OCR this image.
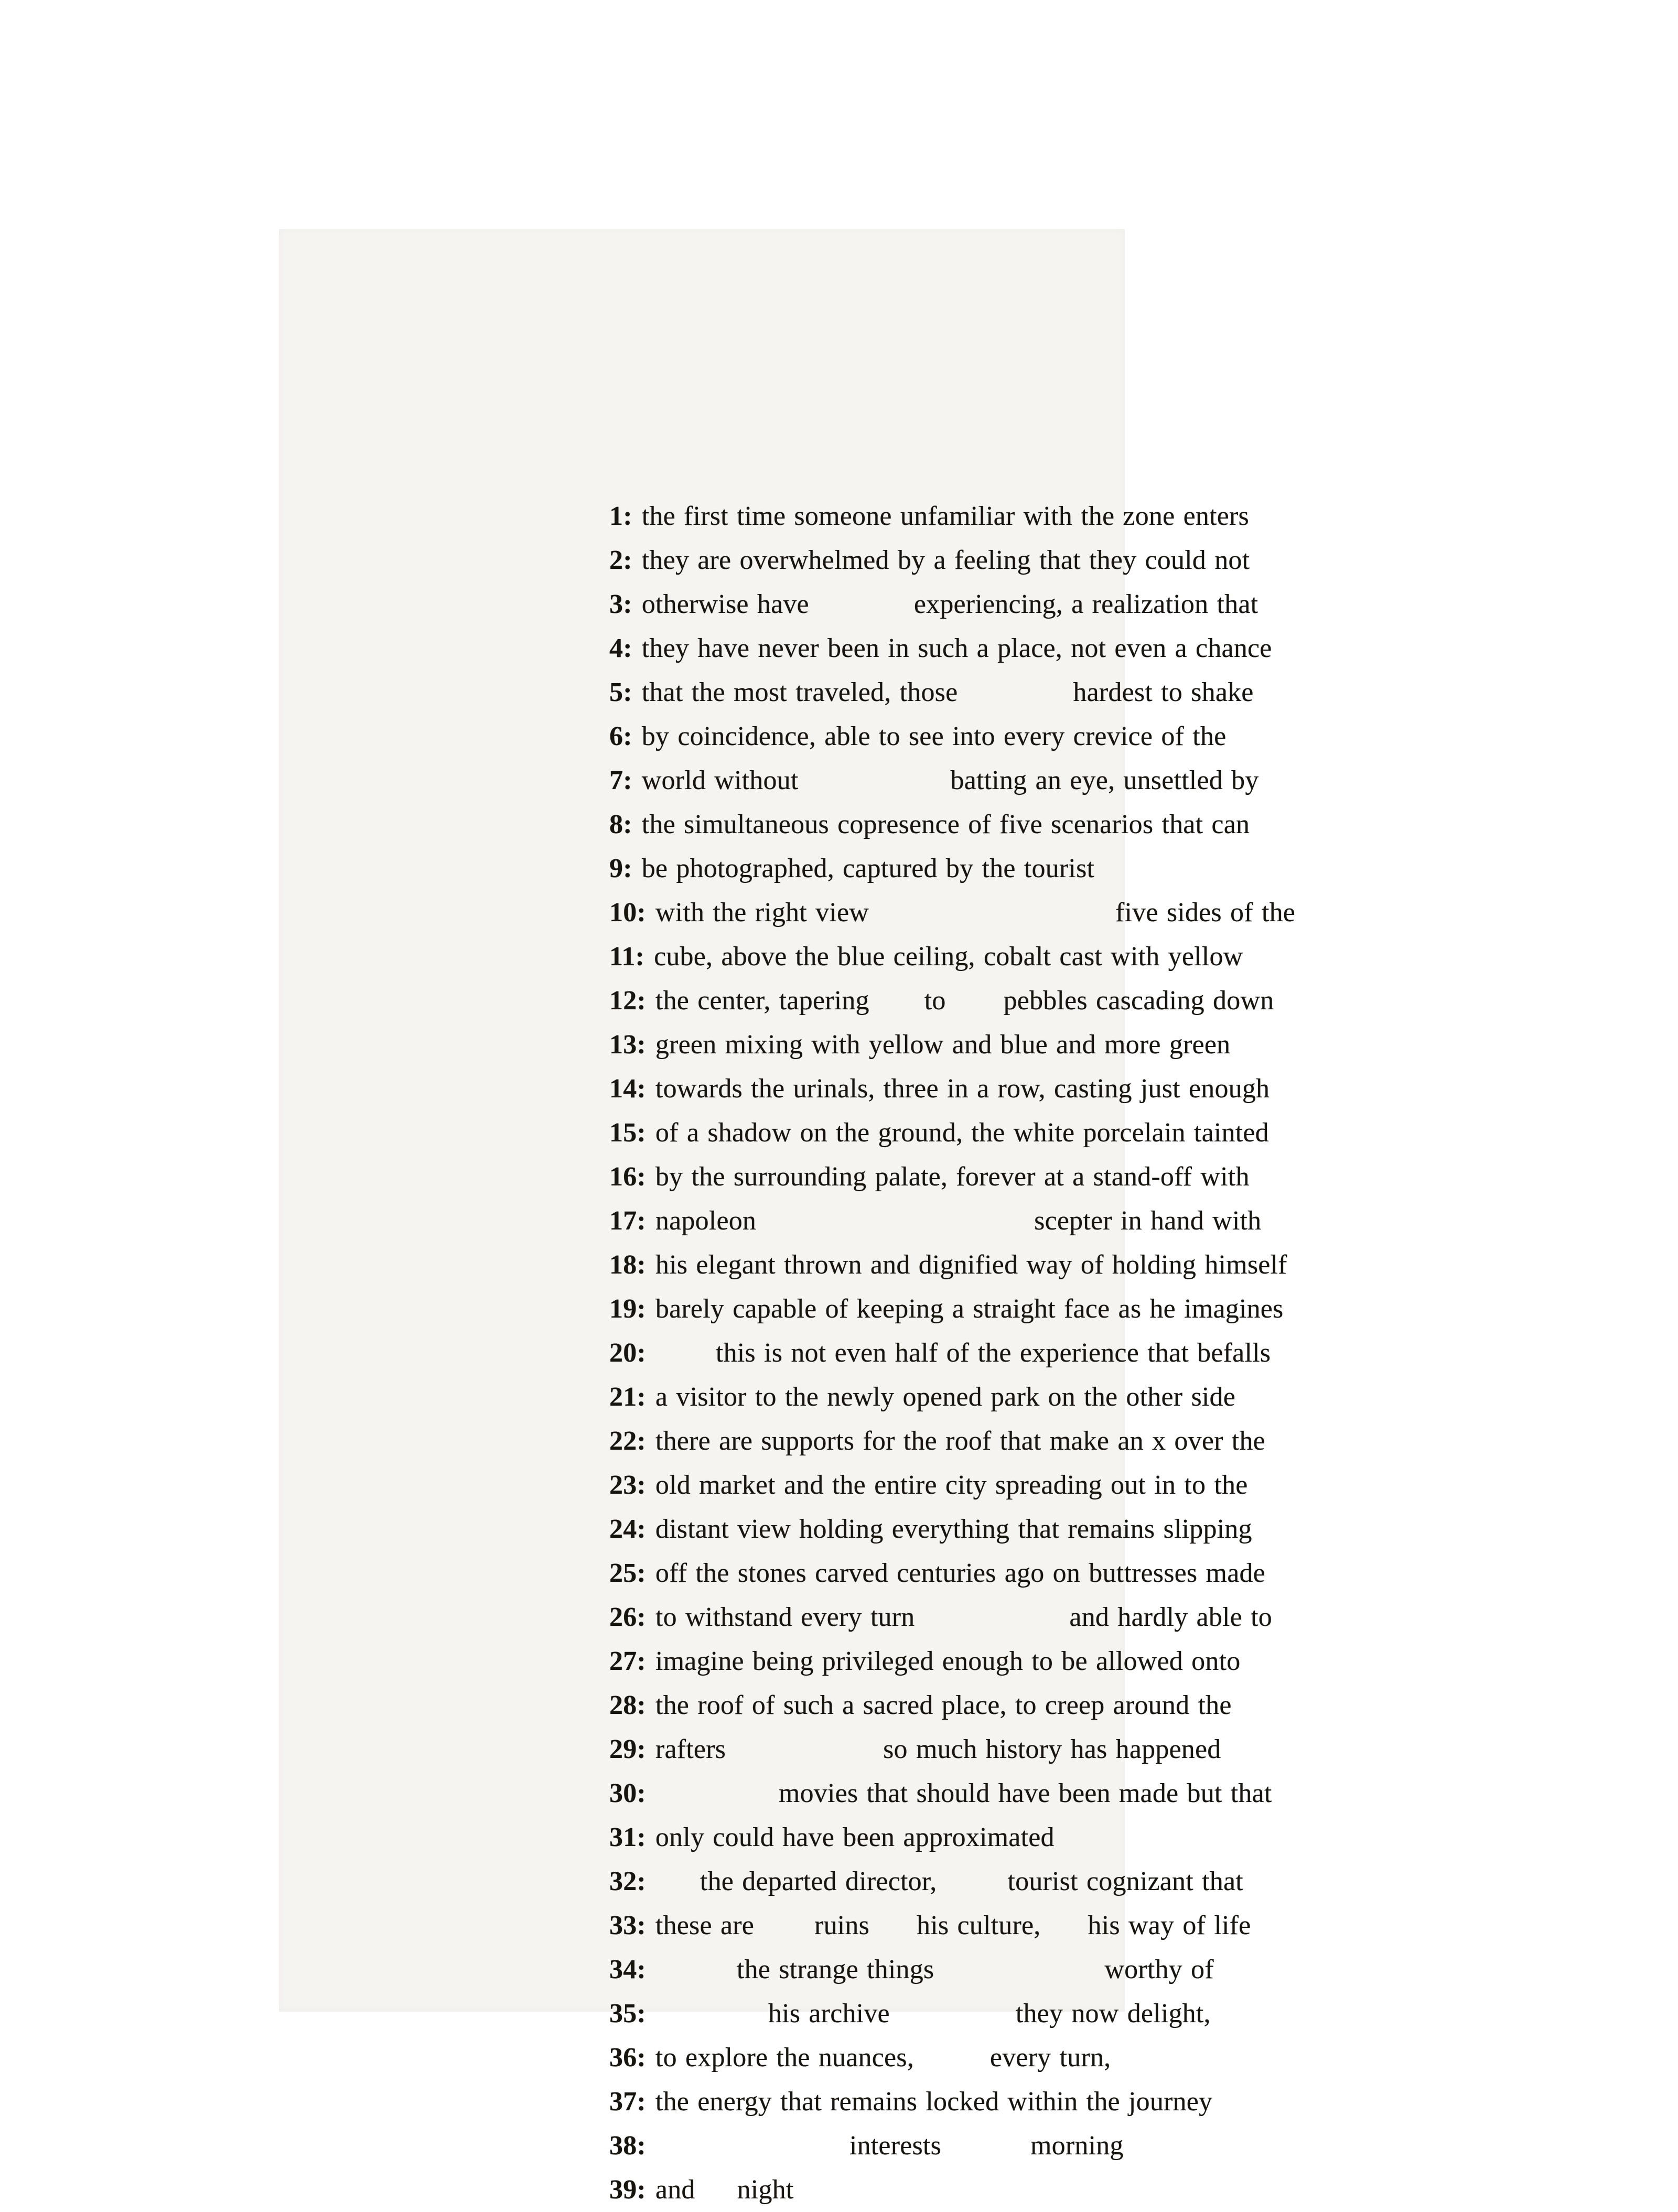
1: the first time someone unfamiliar with the zone enters
2: they are overwhelmed by a feeling that they could not
3: otherwise have	experiencing, a realization that
4: they have never been in such a place, not even a chance
5: that the most traveled, those	hardest to shake
6: by coincidence, able to see into every crevice of the
7: world without	batting an eye, unsettled by
8: the simultaneous copresence of five scenarios that can
9: be photographed, captured by the tourist
10: with the right view	five sides of the
11: cube, above the blue ceiling, cobalt cast with yellow
12: the center, tapering to pebbles cascading down
13: green mixing with yellow and blue and more green
14: towards the urinals, three in a row, casting just enough
15: of a shadow on the ground, the white porcelain tainted
16: by the surrounding palate, forever at a stand-off with
17: napoleon	scepter in hand with
18: his elegant thrown and dignified way of holding himself
19: barely capable of keeping a straight face as he imagines
20:	this is not even half of the experience that befalls
21: a visitor to the newly opened park on the other side
22: there are supports for the roof that make an x over the
23: old market and the entire city spreading out in to the
24: distant view holding everything that remains slipping
25: off the stones carved centuries ago on buttresses made
26: to withstand every turn	and hardly able to
27: imagine being privileged enough to be allowed onto
28: the roof of such a sacred place, to creep around the
29: rafters	so much history has happened
30:	movies that should have been made but that
31: only could have been approximated
32: the departed director,	tourist cognizant that
33: these are ruins his culture, his way of life
34:	the strange things	worthy of
35:	his archive	they now delight,
36: to explore the nuances,	every turn,
37: the energy that remains locked within the journey
38:	interests	morning
39: and night
